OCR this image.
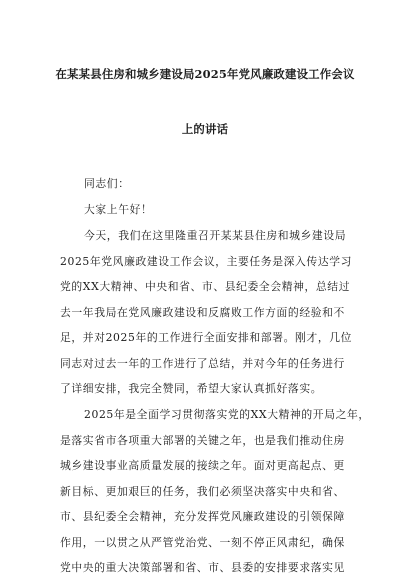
在某某县住房和城乡建设局2025年党风廉政建设工作会议
上的讲话
同志们：
大家上午好！
今天，我们在这里隆重召开某某县住房和城乡建设局
2025年党风廉政建设工作会议，主要任务是深入传达学习
党的XX大精神、中央和省、市、县纪委全会精神，总结过
去一年我局在党风廉政建设和反腐败工作方面的经验和不
足，并对2025年的工作进行全面安排和部署。刚才，几位
同志对过去一年的工作进行了总结，并对今年的任务进行
了详细安排，我完全赞同，希望大家认真抓好落实。
2025年是全面学习贯彻落实党的XX大精神的开局之年，
是落实省市各项重大部署的关键之年，也是我们推动住房
城乡建设事业高质量发展的接续之年。面对更高起点、更
新目标、更加艰巨的任务，我们必须坚决落实中央和省、
市、县纪委全会精神，充分发挥党风廉政建设的引领保障
作用，一以贯之从严管党治党、一刻不停正风肃纪，确保
党中央的重大决策部署和省、市、县委的安排要求落实见
